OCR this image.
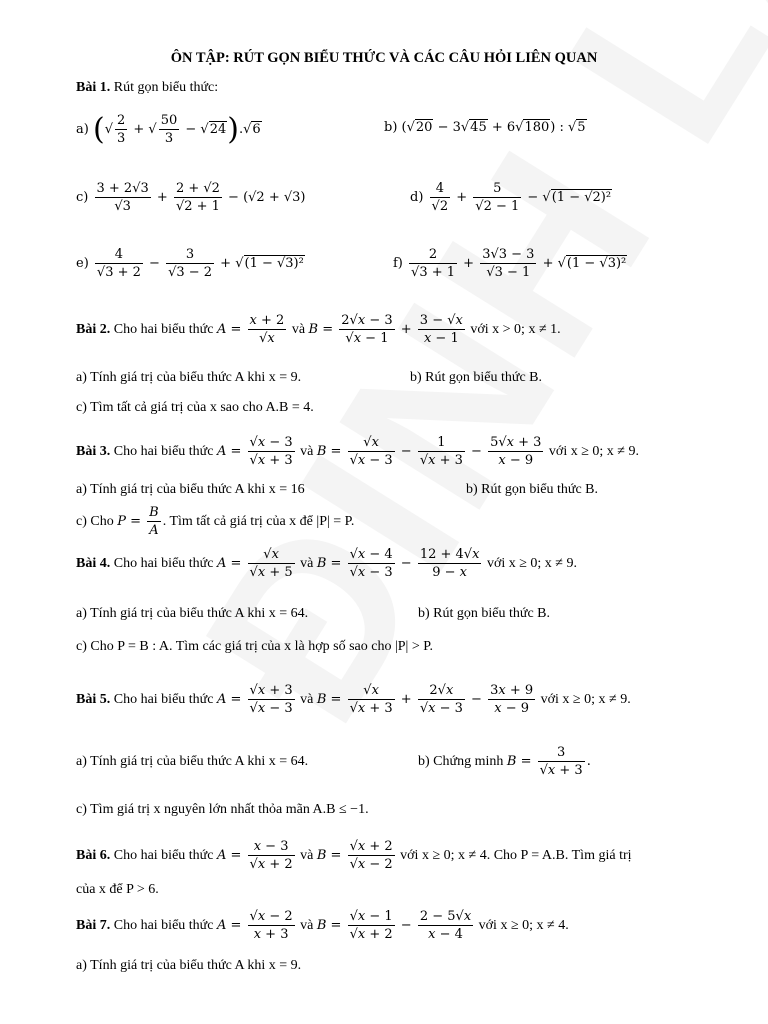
ÔN TẬP: RÚT GỌN BIỂU THỨC VÀ CÁC CÂU HỎI LIÊN QUAN
Bài 1. Rút gọn biểu thức:
a) (√ $\frac{2}{3}$ + √ $\frac{50}{3} - √24).√6$	b) (√20 − 3√45 + 6√180) : √5
$c) \frac{3 + 2√3}{√3} + \frac{2 + √2}{√2 + 1} - (√2 + √3)$	$d) \frac{4}{√2} + \frac{5}{√2 - 1} - √(1 - √2)^2$
$e) \frac{4}{√3 + 2} - \frac{3}{√3 - 2} + √(1 - √3)^2$	$f) \frac{2}{√3 + 1} + \frac{3√3 - 3}{√3 - 1} + √(1 - √3)^2$
Bài 2. Cho hai biểu thức $A = \frac{x + 2}{√x}$ và $B = \frac{2√x - 3}{√x - 1} + \frac{3 - √x}{x - 1}$ với x > 0; x ≠ 1.
a) Tính giá trị của biểu thức A khi x = 9.	b) Rút gọn biểu thức B.
c) Tìm tất cả giá trị của x sao cho A.B = 4.
Bài 3. Cho hai biểu thức $A = \frac{√x - 3}{√x + 3}$ và $B = \frac{√x}{√x - 3} - \frac{1}{√x + 3} - \frac{5√x + 3}{x - 9}$ với x ≥ 0; x ≠ 9.
a) Tính giá trị của biểu thức A khi x = 16	b) Rút gọn biểu thức B.
c) Cho $P = \frac{B}{A}$ . Tìm tất cả giá trị của x để |P| = P.
Bài 4. Cho hai biểu thức $A = \frac{√x}{√x + 5}$ và $B = \frac{√x - 4}{√x - 3} - \frac{12 + 4√x}{9 - x}$ với x ≥ 0; x ≠ 9.
a) Tính giá trị của biểu thức A khi x = 64.	b) Rút gọn biểu thức B.
c) Cho P = B : A. Tìm các giá trị của x là hợp số sao cho |P| > P.
Bài 5. Cho hai biểu thức $A = \frac{√x + 3}{√x - 3}$ và $B = \frac{√x}{√x + 3} + \frac{2√x}{√x - 3} - \frac{3x + 9}{x - 9}$ với x ≥ 0; x ≠ 9.
a) Tính giá trị của biểu thức A khi x = 64.	b) Chứng minh $B = \frac{3}{√x + 3}$ .
c) Tìm giá trị x nguyên lớn nhất thỏa mãn A.B ≤ −1.
Bài 6. Cho hai biểu thức $A = \frac{x - 3}{√x + 2}$ và $B = \frac{√x + 2}{√x - 2}$ với x ≥ 0; x ≠ 4. Cho P = A.B. Tìm giá trị
của x để P > 6.
Bài 7. Cho hai biểu thức $A = \frac{√x - 2}{x + 3}$ và $B = \frac{√x - 1}{√x + 2} - \frac{2 - 5√x}{x - 4}$ với x ≥ 0; x ≠ 4.
a) Tính giá trị của biểu thức A khi x = 9.
